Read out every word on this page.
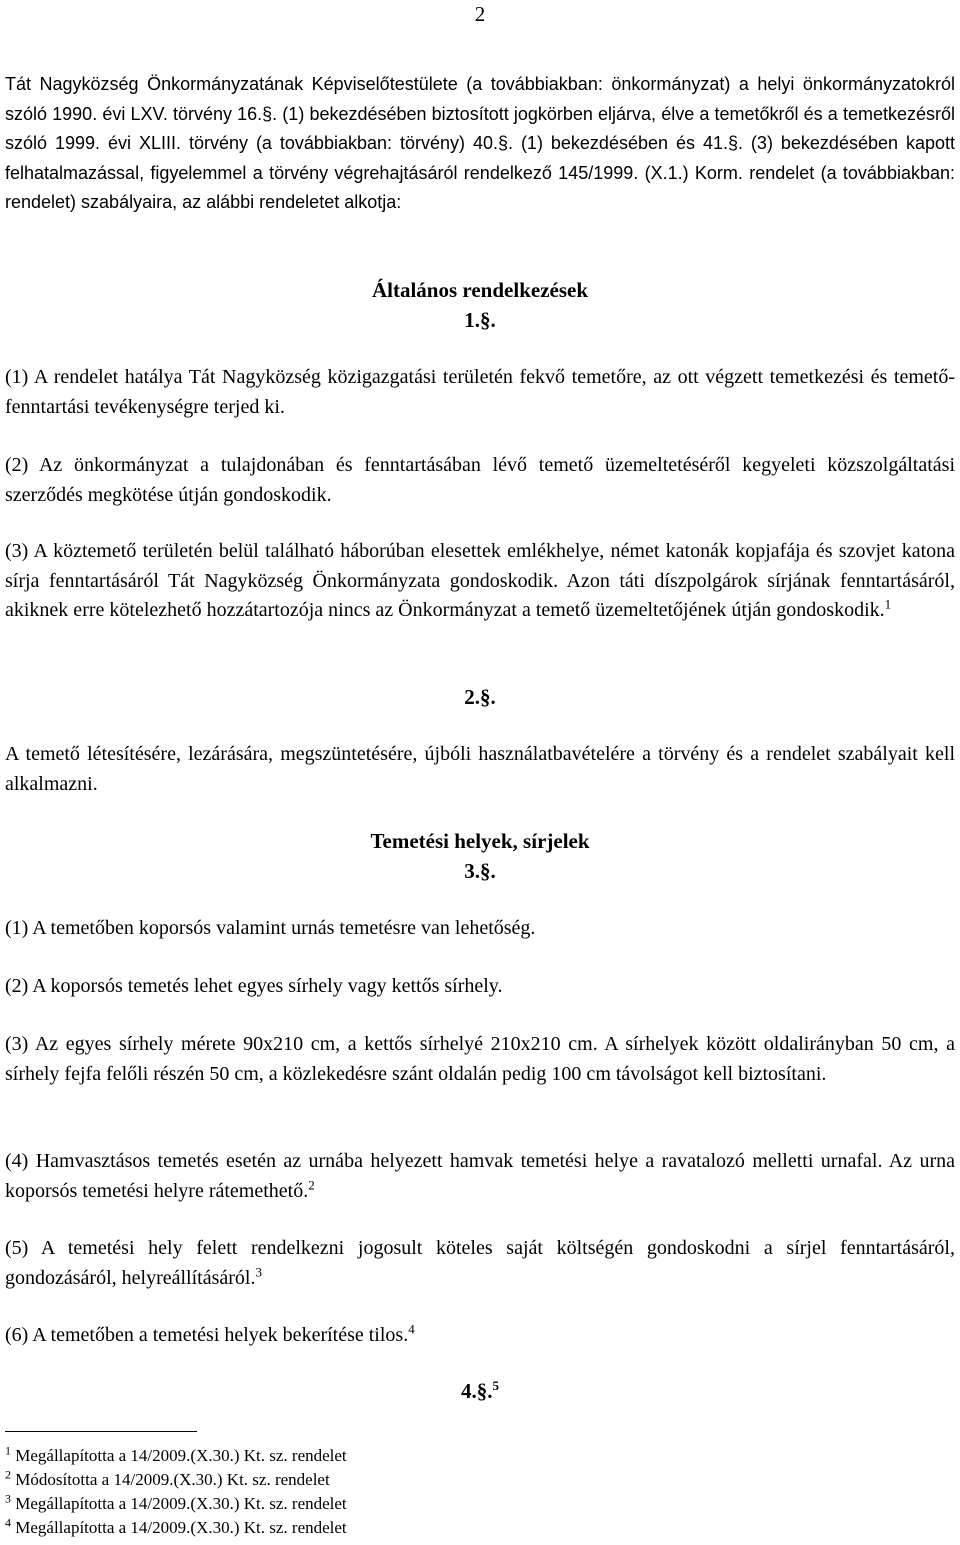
2

Tát Nagyközség Önkormányzatának Képviselőtestülete (a továbbiakban: önkormányzat) a helyi önkormányzatokról szóló 1990. évi LXV. törvény 16.§. (1) bekezdésében biztosított jogkörben eljárva, élve a temetőkről és a temetkezésről szóló 1999. évi XLIII. törvény (a továbbiakban: törvény) 40.§. (1) bekezdésében és 41.§. (3) bekezdésében kapott felhatalmazással, figyelemmel a törvény végrehajtásáról rendelkező 145/1999. (X.1.) Korm. rendelet (a továbbiakban: rendelet) szabályaira, az alábbi rendeletet alkotja:

Általános rendelkezések

1.§.

(1) A rendelet hatálya Tát Nagyközség közigazgatási területén fekvő temetőre, az ott végzett temetkezési és temető-fenntartási tevékenységre terjed ki.

(2) Az önkormányzat a tulajdonában és fenntartásában lévő temető üzemeltetéséről kegyeleti közszolgáltatási szerződés megkötése útján gondoskodik.

(3) A köztemető területén belül található háborúban elesettek emlékhelye, német katonák kopjafája és szovjet katona sírja fenntartásáról Tát Nagyközség Önkormányzata gondoskodik. Azon táti díszpolgárok sírjának fenntartásáról, akiknek erre kötelezhető hozzátartozója nincs az Önkormányzat a temető üzemeltetőjének útján gondoskodik.$^1$

2.§.

A temető létesítésére, lezárására, megszüntetésére, újbóli használatbavételére a törvény és a rendelet szabályait kell alkalmazni.

Temetési helyek, sírjelek

3.§.

(1) A temetőben koporsós valamint urnás temetésre van lehetőség.

(2) A koporsós temetés lehet egyes sírhely vagy kettős sírhely.

(3) Az egyes sírhely mérete 90x210 cm, a kettős sírhelyé 210x210 cm. A sírhelyek között oldalirányban 50 cm, a sírhely fejfa felőli részén 50 cm, a közlekedésre szánt oldalán pedig 100 cm távolságot kell biztosítani.

(4) Hamvasztásos temetés esetén az urnába helyezett hamvak temetési helye a ravatalozó melletti urnafal. Az urna koporsós temetési helyre rátemethető.$^2$

(5) A temetési hely felett rendelkezni jogosult köteles saját költségén gondoskodni a sírjel fenntartásáról, gondozásáról, helyreállításáról.$^3$

(6) A temetőben a temetési helyek bekerítése tilos.$^4$

4.§.$^5$

$^1$ Megállapította a 14/2009.(X.30.) Kt. sz. rendelet
$^2$ Módosította a 14/2009.(X.30.) Kt. sz. rendelet
$^3$ Megállapította a 14/2009.(X.30.) Kt. sz. rendelet
$^4$ Megállapította a 14/2009.(X.30.) Kt. sz. rendelet
